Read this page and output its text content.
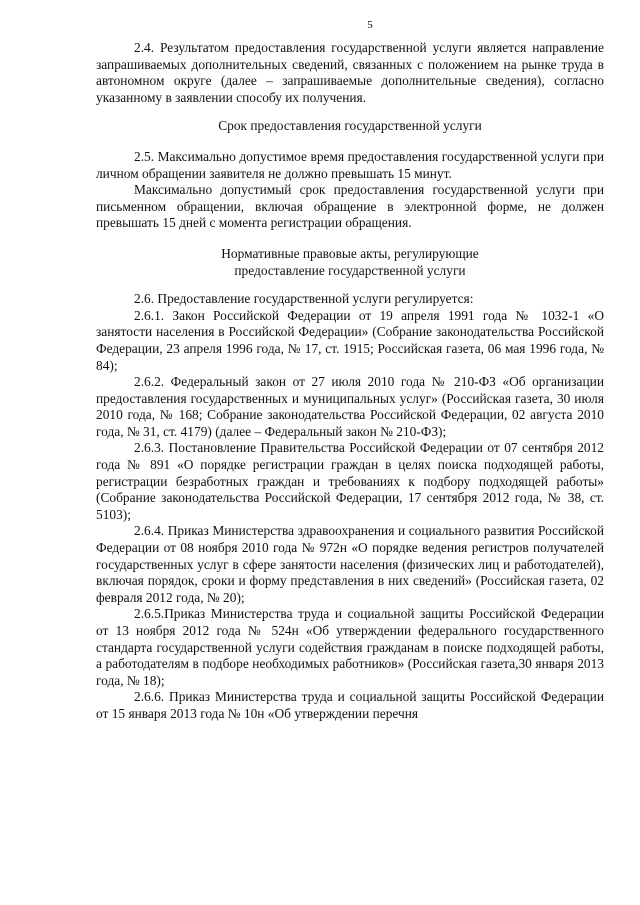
5

2.4. Результатом предоставления государственной услуги является направление запрашиваемых дополнительных сведений, связанных с положением на рынке труда в автономном округе (далее – запрашиваемые дополнительные сведения), согласно указанному в заявлении способу их получения.

Срок предоставления государственной услуги

2.5. Максимально допустимое время предоставления государственной услуги при личном обращении заявителя не должно превышать 15 минут.

Максимально допустимый срок предоставления государственной услуги при письменном обращении, включая обращение в электронной форме, не должен превышать 15 дней с момента регистрации обращения.

Нормативные правовые акты, регулирующие
предоставление государственной услуги

2.6. Предоставление государственной услуги регулируется:

2.6.1. Закон Российской Федерации от 19 апреля 1991 года № 1032-1 «О занятости населения в Российской Федерации» (Собрание законодательства Российской Федерации, 23 апреля 1996 года, № 17, ст. 1915; Российская газета, 06 мая 1996 года, № 84);

2.6.2. Федеральный закон от 27 июля 2010 года № 210-ФЗ «Об организации предоставления государственных и муниципальных услуг» (Российская газета, 30 июля 2010 года, № 168; Собрание законодательства Российской Федерации, 02 августа 2010 года, № 31, ст. 4179) (далее – Федеральный закон № 210-ФЗ);

2.6.3. Постановление Правительства Российской Федерации от 07 сентября 2012 года № 891 «О порядке регистрации граждан в целях поиска подходящей работы, регистрации безработных граждан и требованиях к подбору подходящей работы» (Собрание законодательства Российской Федерации, 17 сентября 2012 года, № 38, ст. 5103);

2.6.4. Приказ Министерства здравоохранения и социального развития Российской Федерации от 08 ноября 2010 года № 972н «О порядке ведения регистров получателей государственных услуг в сфере занятости населения (физических лиц и работодателей), включая порядок, сроки и форму представления в них сведений» (Российская газета, 02 февраля 2012 года, № 20);

2.6.5.Приказ Министерства труда и социальной защиты Российской Федерации от 13 ноября 2012 года № 524н «Об утверждении федерального государственного стандарта государственной услуги содействия гражданам в поиске подходящей работы, а работодателям в подборе необходимых работников» (Российская газета,30 января 2013 года, № 18);

2.6.6. Приказ Министерства труда и социальной защиты Российской Федерации от 15 января 2013 года № 10н «Об утверждении перечня
